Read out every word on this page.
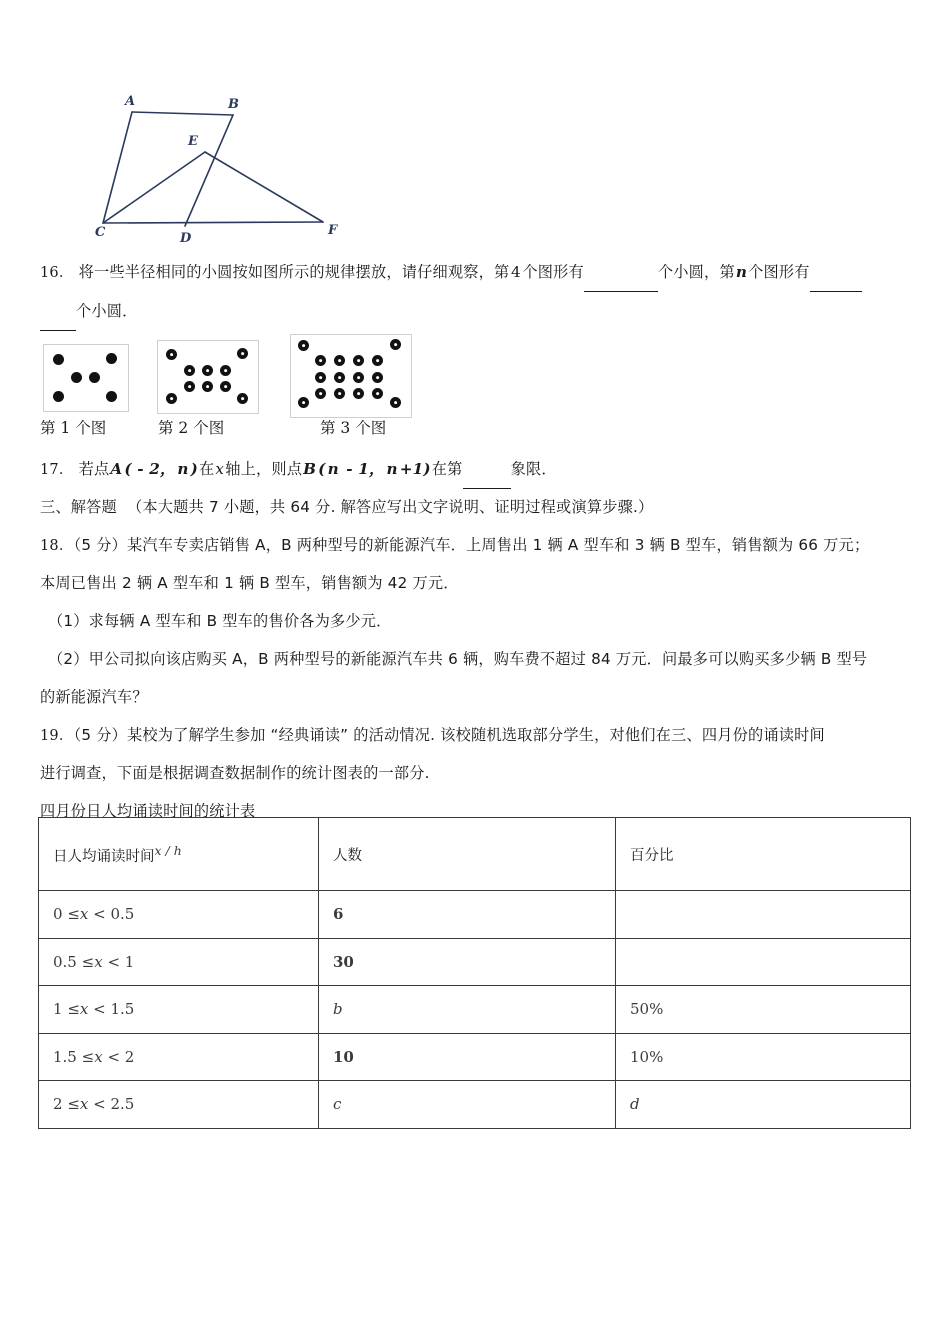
A	B
E
C	D
F
16． 将一些半径相同的小圆按如图所示的规律摆放，请仔细观察，第4个图形有	个小圆，第n个图形有
个小圆．
第 1 个图	第 2 个图	第 3 个图
17． 若点A ( - 2， n )在x轴上，则点B ( n - 1， n +1)在第	象限．
三、解答题 （本大题共 7 小题，共 64 分. 解答应写出文字说明、证明过程或演算步骤.）
18．（5 分）某汽车专卖店销售 A，B 两种型号的新能源汽车．上周售出 1 辆 A 型车和 3 辆 B 型车，销售额为 66 万元；
本周已售出 2 辆 A 型车和 1 辆 B 型车，销售额为 42 万元．
（1）求每辆 A 型车和 B 型车的售价各为多少元．
（2）甲公司拟向该店购买 A，B 两种型号的新能源汽车共 6 辆，购车费不超过 84 万元．问最多可以购买多少辆 B 型号
的新能源汽车？
19．（5 分）某校为了解学生参加 “经典诵读” 的活动情况. 该校随机选取部分学生，对他们在三、四月份的诵读时间
进行调查，下面是根据调查数据制作的统计图表的一部分.
四月份日人均诵读时间的统计表
日人均诵读时间x / h	人数	百分比
0 ≤x < 0.5	6	
0.5 ≤x < 1	30	
1 ≤x < 1.5	b	50%
1.5 ≤x < 2	10	10%
2 ≤x < 2.5	c	d
